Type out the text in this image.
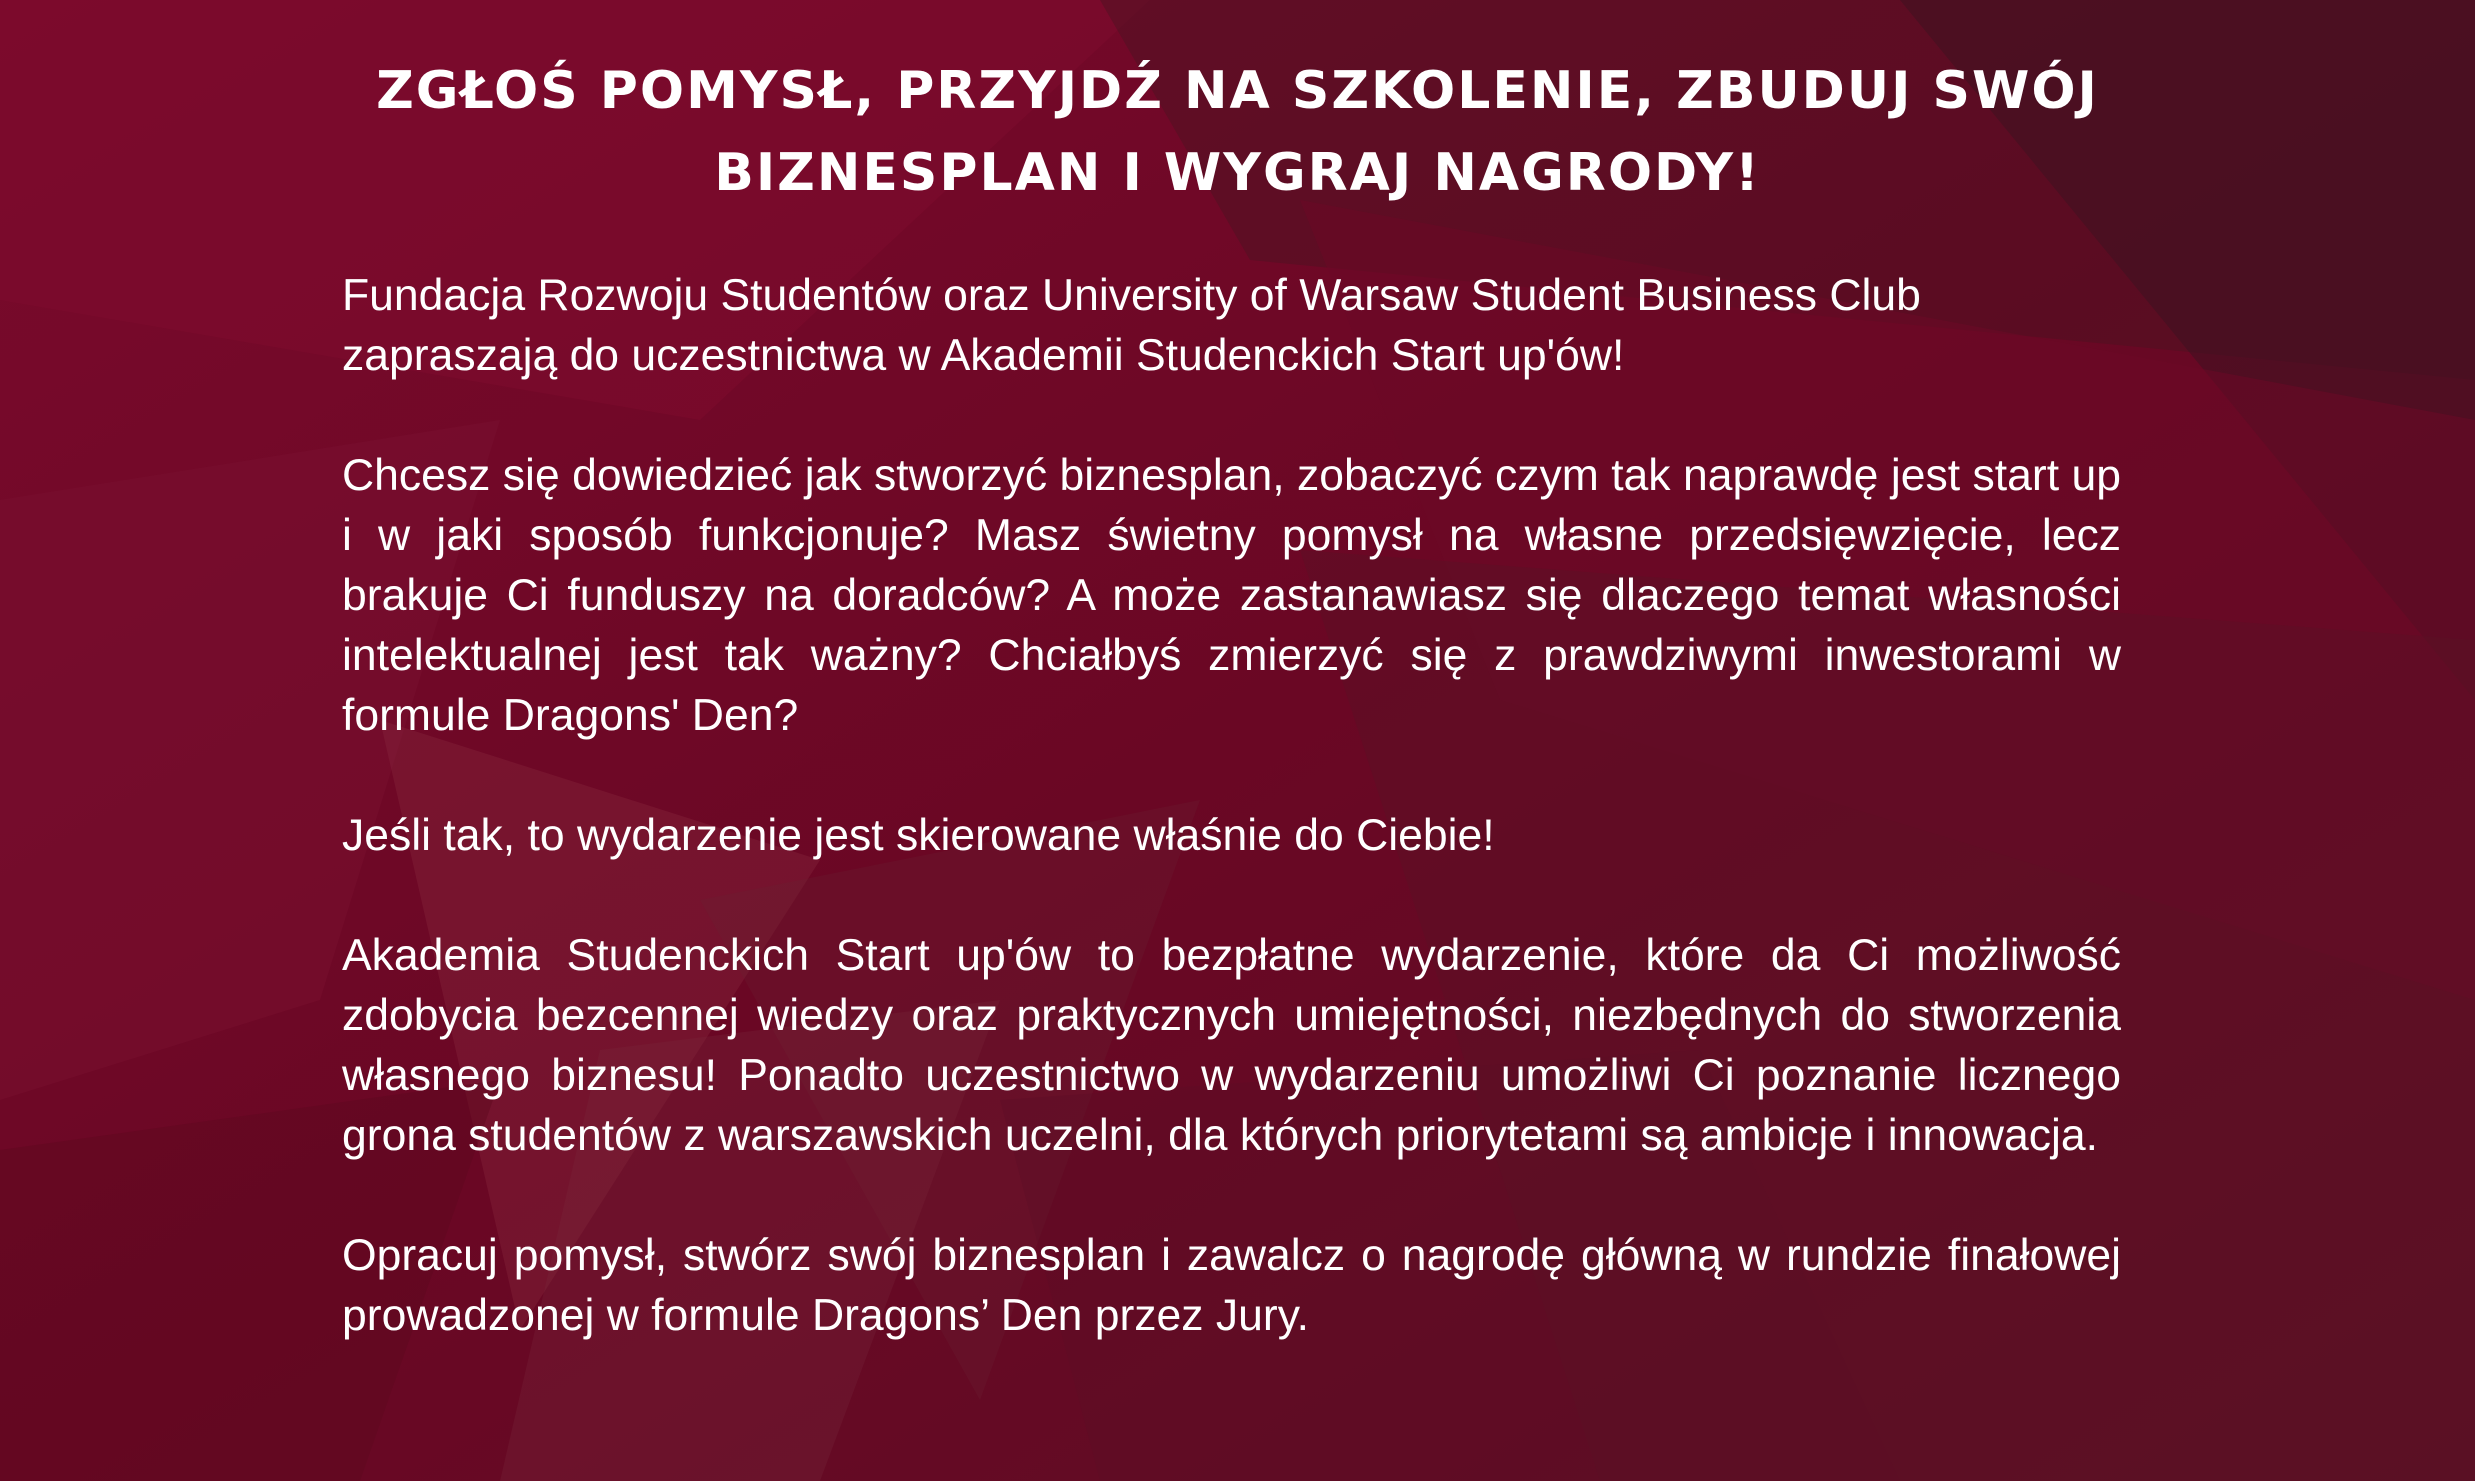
ZGŁOŚ POMYSŁ, PRZYJDŹ NA SZKOLENIE, ZBUDUJ SWÓJ
BIZNESPLAN I WYGRAJ NAGRODY!

Fundacja Rozwoju Studentów oraz University of Warsaw Student Business Club zapraszają do uczestnictwa w Akademii Studenckich Start up'ów!

Chcesz się dowiedzieć jak stworzyć biznesplan, zobaczyć czym tak naprawdę jest start up i w jaki sposób funkcjonuje? Masz świetny pomysł na własne przedsięwzięcie, lecz brakuje Ci funduszy na doradców? A może zastanawiasz się dlaczego temat własności intelektualnej jest tak ważny? Chciałbyś zmierzyć się z prawdziwymi inwestorami w formule Dragons' Den?

Jeśli tak, to wydarzenie jest skierowane właśnie do Ciebie!

Akademia Studenckich Start up'ów to bezpłatne wydarzenie, które da Ci możliwość zdobycia bezcennej wiedzy oraz praktycznych umiejętności, niezbędnych do stworzenia własnego biznesu! Ponadto uczestnictwo w wydarzeniu umożliwi Ci poznanie licznego grona studentów z warszawskich uczelni, dla których priorytetami są ambicje i innowacja.

Opracuj pomysł, stwórz swój biznesplan i zawalcz o nagrodę główną w rundzie finałowej prowadzonej w formule Dragons’ Den przez Jury.
